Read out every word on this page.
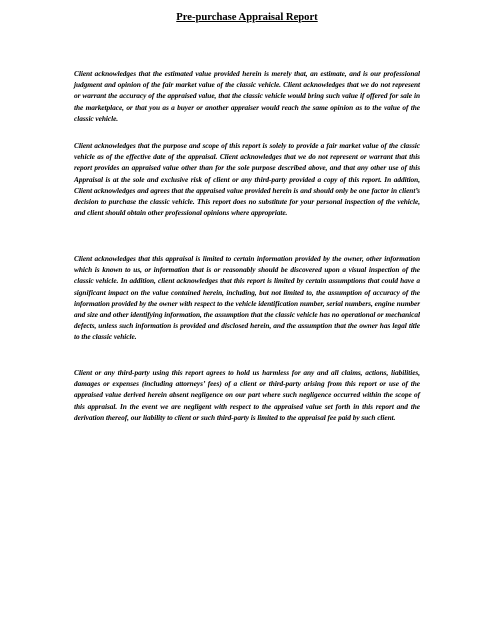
Pre-purchase Appraisal Report

Client acknowledges that the estimated value provided herein is merely that, an estimate, and is our professional judgment and opinion of the fair market value of the classic vehicle. Client acknowledges that we do not represent or warrant the accuracy of the appraised value, that the classic vehicle would bring such value if offered for sale in the marketplace, or that you as a buyer or another appraiser would reach the same opinion as to the value of the classic vehicle.

Client acknowledges that the purpose and scope of this report is solely to provide a fair market value of the classic vehicle as of the effective date of the appraisal. Client acknowledges that we do not represent or warrant that this report provides an appraised value other than for the sole purpose described above, and that any other use of this Appraisal is at the sole and exclusive risk of client or any third-party provided a copy of this report. In addition, Client acknowledges and agrees that the appraised value provided herein is and should only be one factor in client’s decision to purchase the classic vehicle. This report does no substitute for your personal inspection of the vehicle, and client should obtain other professional opinions where appropriate.

Client acknowledges that this appraisal is limited to certain information provided by the owner, other information which is known to us, or information that is or reasonably should be discovered upon a visual inspection of the classic vehicle. In addition, client acknowledges that this report is limited by certain assumptions that could have a significant impact on the value contained herein, including, but not limited to, the assumption of accuracy of the information provided by the owner with respect to the vehicle identification number, serial numbers, engine number and size and other identifying information, the assumption that the classic vehicle has no operational or mechanical defects, unless such information is provided and disclosed herein, and the assumption that the owner has legal title to the classic vehicle.

Client or any third-party using this report agrees to hold us harmless for any and all claims, actions, liabilities, damages or expenses (including attorneys’ fees) of a client or third-party arising from this report or use of the appraised value derived herein absent negligence on our part where such negligence occurred within the scope of this appraisal. In the event we are negligent with respect to the appraised value set forth in this report and the derivation thereof, our liability to client or such third-party is limited to the appraisal fee paid by such client.
